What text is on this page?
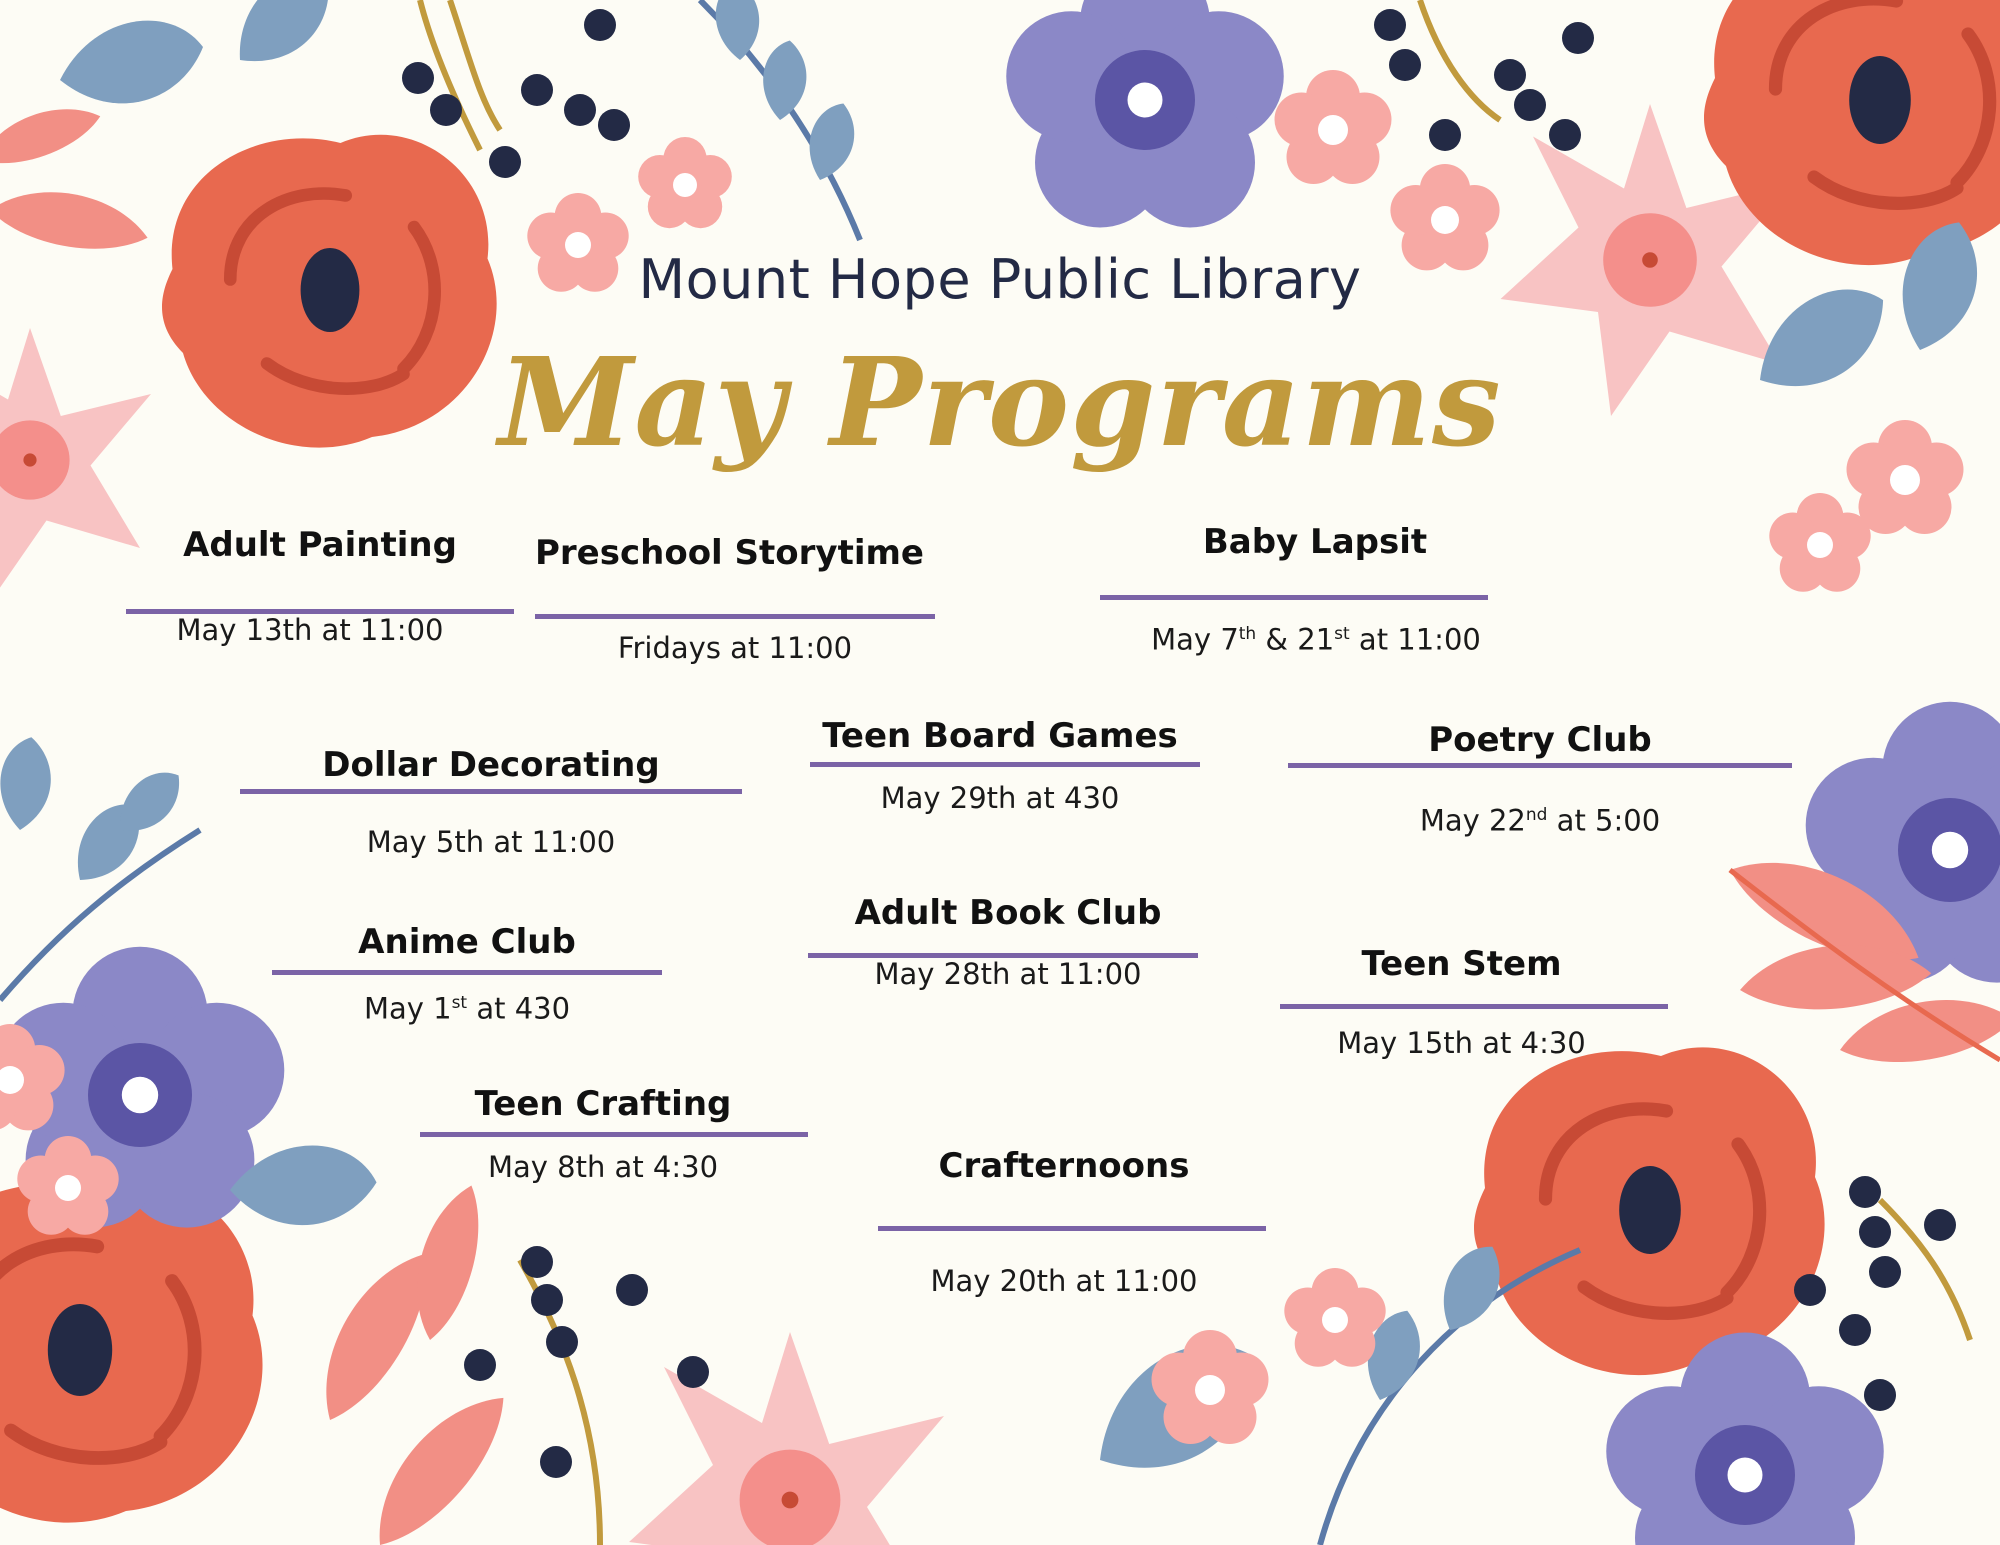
Mount Hope Public Library
May Programs
Adult Painting
May 13th at 11:00
Preschool Storytime
Fridays at 11:00
Baby Lapsit
May 7th & 21st at 11:00
Dollar Decorating
May 5th at 11:00
Teen Board Games
May 29th at 430
Poetry Club
May 22nd at 5:00
Anime Club
May 1st at 430
Adult Book Club
May 28th at 11:00	Teen Stem
May 15th at 4:30
Teen Crafting
May 8th at 4:30	Crafternoons
May 20th at 11:00
